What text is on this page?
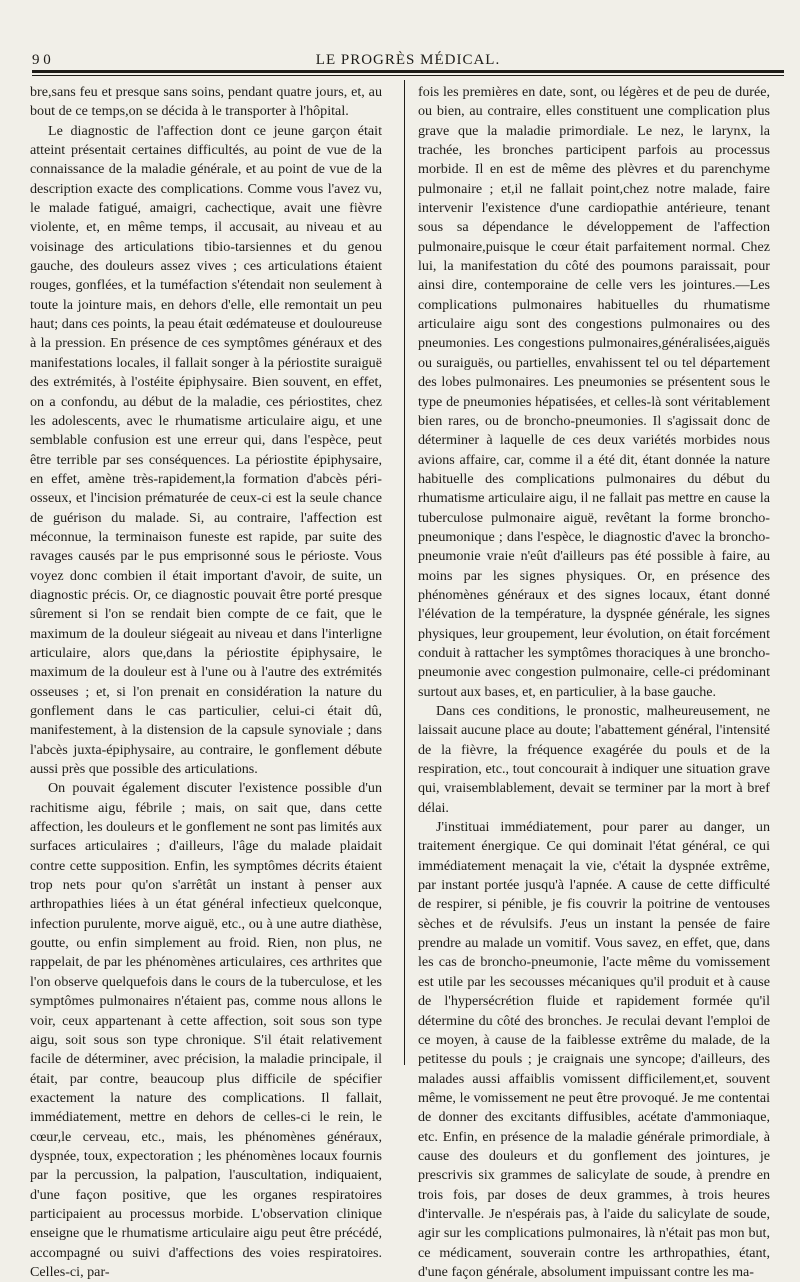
9 0	LE PROGRÈS MÉDICAL.

bre,sans feu et presque sans soins, pendant quatre jours, et, au bout de ce temps,on se décida à le transporter à l'hôpital.

Le diagnostic de l'affection dont ce jeune garçon était atteint présentait certaines difficultés, au point de vue de la connaissance de la maladie générale, et au point de vue de la description exacte des complications. Comme vous l'avez vu, le malade fatigué, amaigri, cachectique, avait une fièvre violente, et, en même temps, il accusait, au niveau et au voisinage des articulations tibio-tarsiennes et du genou gauche, des douleurs assez vives ; ces articulations étaient rouges, gonflées, et la tuméfaction s'étendait non seulement à toute la jointure mais, en dehors d'elle, elle remontait un peu haut; dans ces points, la peau était œdémateuse et douloureuse à la pression. En présence de ces symptômes généraux et des manifestations locales, il fallait songer à la périostite suraiguë des extrémités, à l'ostéite épiphysaire. Bien souvent, en effet, on a confondu, au début de la maladie, ces périostites, chez les adolescents, avec le rhumatisme articulaire aigu, et une semblable confusion est une erreur qui, dans l'espèce, peut être terrible par ses conséquences. La périostite épiphysaire, en effet, amène très-rapidement,la formation d'abcès péri-osseux, et l'incision prématurée de ceux-ci est la seule chance de guérison du malade. Si, au contraire, l'affection est méconnue, la terminaison funeste est rapide, par suite des ravages causés par le pus emprisonné sous le périoste. Vous voyez donc combien il était important d'avoir, de suite, un diagnostic précis. Or, ce diagnostic pouvait être porté presque sûrement si l'on se rendait bien compte de ce fait, que le maximum de la douleur siégeait au niveau et dans l'interligne articulaire, alors que,dans la périostite épiphysaire, le maximum de la douleur est à l'une ou à l'autre des extrémités osseuses ; et, si l'on prenait en considération la nature du gonflement dans le cas particulier, celui-ci était dû, manifestement, à la distension de la capsule synoviale ; dans l'abcès juxta-épiphysaire, au contraire, le gonflement débute aussi près que possible des articulations.

On pouvait également discuter l'existence possible d'un rachitisme aigu, fébrile ; mais, on sait que, dans cette affection, les douleurs et le gonflement ne sont pas limités aux surfaces articulaires ; d'ailleurs, l'âge du malade plaidait contre cette supposition. Enfin, les symptômes décrits étaient trop nets pour qu'on s'arrêtât un instant à penser aux arthropathies liées à un état général infectieux quelconque, infection purulente, morve aiguë, etc., ou à une autre diathèse, goutte, ou enfin simplement au froid. Rien, non plus, ne rappelait, de par les phénomènes articulaires, ces arthrites que l'on observe quelquefois dans le cours de la tuberculose, et les symptômes pulmonaires n'étaient pas, comme nous allons le voir, ceux appartenant à cette affection, soit sous son type aigu, soit sous son type chronique. S'il était relativement facile de déterminer, avec précision, la maladie principale, il était, par contre, beaucoup plus difficile de spécifier exactement la nature des complications. Il fallait, immédiatement, mettre en dehors de celles-ci le rein, le cœur,le cerveau, etc., mais, les phénomènes généraux, dyspnée, toux, expectoration ; les phénomènes locaux fournis par la percussion, la palpation, l'auscultation, indiquaient, d'une façon positive, que les organes respiratoires participaient au processus morbide. L'observation clinique enseigne que le rhumatisme articulaire aigu peut être précédé, accompagné ou suivi d'affections des voies respiratoires. Celles-ci, par-

fois les premières en date, sont, ou légères et de peu de durée, ou bien, au contraire, elles constituent une complication plus grave que la maladie primordiale. Le nez, le larynx, la trachée, les bronches participent parfois au processus morbide. Il en est de même des plèvres et du parenchyme pulmonaire ; et,il ne fallait point,chez notre malade, faire intervenir l'existence d'une cardiopathie antérieure, tenant sous sa dépendance le développement de l'affection pulmonaire,puisque le cœur était parfaitement normal. Chez lui, la manifestation du côté des poumons paraissait, pour ainsi dire, contemporaine de celle vers les jointures.—Les complications pulmonaires habituelles du rhumatisme articulaire aigu sont des congestions pulmonaires ou des pneumonies. Les congestions pulmonaires,généralisées,aiguës ou suraiguës, ou partielles, envahissent tel ou tel département des lobes pulmonaires. Les pneumonies se présentent sous le type de pneumonies hépatisées, et celles-là sont véritablement bien rares, ou de broncho-pneumonies. Il s'agissait donc de déterminer à laquelle de ces deux variétés morbides nous avions affaire, car, comme il a été dit, étant donnée la nature habituelle des complications pulmonaires du début du rhumatisme articulaire aigu, il ne fallait pas mettre en cause la tuberculose pulmonaire aiguë, revêtant la forme broncho-pneumonique ; dans l'espèce, le diagnostic d'avec la broncho-pneumonie vraie n'eût d'ailleurs pas été possible à faire, au moins par les signes physiques. Or, en présence des phénomènes généraux et des signes locaux, étant donné l'élévation de la température, la dyspnée générale, les signes physiques, leur groupement, leur évolution, on était forcément conduit à rattacher les symptômes thoraciques à une broncho-pneumonie avec congestion pulmonaire, celle-ci prédominant surtout aux bases, et, en particulier, à la base gauche.

Dans ces conditions, le pronostic, malheureusement, ne laissait aucune place au doute; l'abattement général, l'intensité de la fièvre, la fréquence exagérée du pouls et de la respiration, etc., tout concourait à indiquer une situation grave qui, vraisemblablement, devait se terminer par la mort à bref délai.

J'instituai immédiatement, pour parer au danger, un traitement énergique. Ce qui dominait l'état général, ce qui immédiatement menaçait la vie, c'était la dyspnée extrême, par instant portée jusqu'à l'apnée. A cause de cette difficulté de respirer, si pénible, je fis couvrir la poitrine de ventouses sèches et de révulsifs. J'eus un instant la pensée de faire prendre au malade un vomitif. Vous savez, en effet, que, dans les cas de broncho-pneumonie, l'acte même du vomissement est utile par les secousses mécaniques qu'il produit et à cause de l'hypersécrétion fluide et rapidement formée qu'il détermine du côté des bronches. Je reculai devant l'emploi de ce moyen, à cause de la faiblesse extrême du malade, de la petitesse du pouls ; je craignais une syncope; d'ailleurs, des malades aussi affaiblis vomissent difficilement,et, souvent même, le vomissement ne peut être provoqué. Je me contentai de donner des excitants diffusibles, acétate d'ammoniaque, etc. Enfin, en présence de la maladie générale primordiale, à cause des douleurs et du gonflement des jointures, je prescrivis six grammes de salicylate de soude, à prendre en trois fois, par doses de deux grammes, à trois heures d'intervalle. Je n'espérais pas, à l'aide du salicylate de soude, agir sur les complications pulmonaires, là n'était pas mon but, ce médicament, souverain contre les arthropathies, étant, d'une façon générale, absolument impuissant contre les ma-
